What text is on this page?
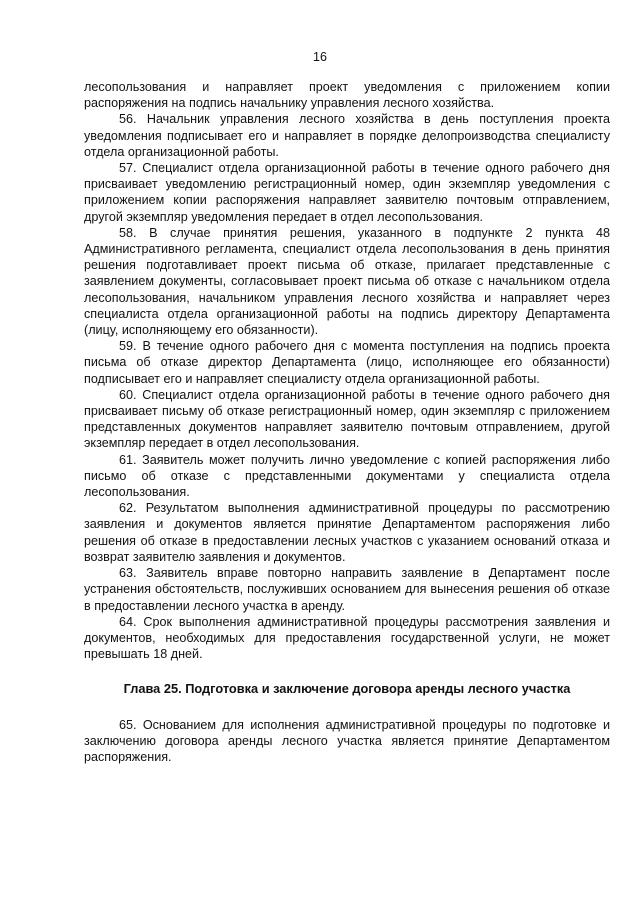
16

лесопользования и направляет проект уведомления с приложением копии распоряжения на подпись начальнику управления лесного хозяйства.

56. Начальник управления лесного хозяйства в день поступления проекта уведомления подписывает его и направляет в порядке делопроизводства специалисту отдела организационной работы.

57. Специалист отдела организационной работы в течение одного рабочего дня присваивает уведомлению регистрационный номер, один экземпляр уведомления с приложением копии распоряжения направляет заявителю почтовым отправлением, другой экземпляр уведомления передает в отдел лесопользования.

58. В случае принятия решения, указанного в подпункте 2 пункта 48 Административного регламента, специалист отдела лесопользования в день принятия решения подготавливает проект письма об отказе, прилагает представленные с заявлением документы, согласовывает проект письма об отказе с начальником отдела лесопользования, начальником управления лесного хозяйства и направляет через специалиста отдела организационной работы на подпись директору Департамента (лицу, исполняющему его обязанности).

59. В течение одного рабочего дня с момента поступления на подпись проекта письма об отказе директор Департамента (лицо, исполняющее его обязанности) подписывает его и направляет специалисту отдела организационной работы.

60. Специалист отдела организационной работы в течение одного рабочего дня присваивает письму об отказе регистрационный номер, один экземпляр с приложением представленных документов направляет заявителю почтовым отправлением, другой экземпляр передает в отдел лесопользования.

61. Заявитель может получить лично уведомление с копией распоряжения либо письмо об отказе с представленными документами у специалиста отдела лесопользования.

62. Результатом выполнения административной процедуры по рассмотрению заявления и документов является принятие Департаментом распоряжения либо решения об отказе в предоставлении лесных участков с указанием оснований отказа и возврат заявителю заявления и документов.

63. Заявитель вправе повторно направить заявление в Департамент после устранения обстоятельств, послуживших основанием для вынесения решения об отказе в предоставлении лесного участка в аренду.

64. Срок выполнения административной процедуры рассмотрения заявления и документов, необходимых для предоставления государственной услуги, не может превышать 18 дней.

Глава 25. Подготовка и заключение договора аренды лесного участка

65. Основанием для исполнения административной процедуры по подготовке и заключению договора аренды лесного участка является принятие Департаментом распоряжения.
